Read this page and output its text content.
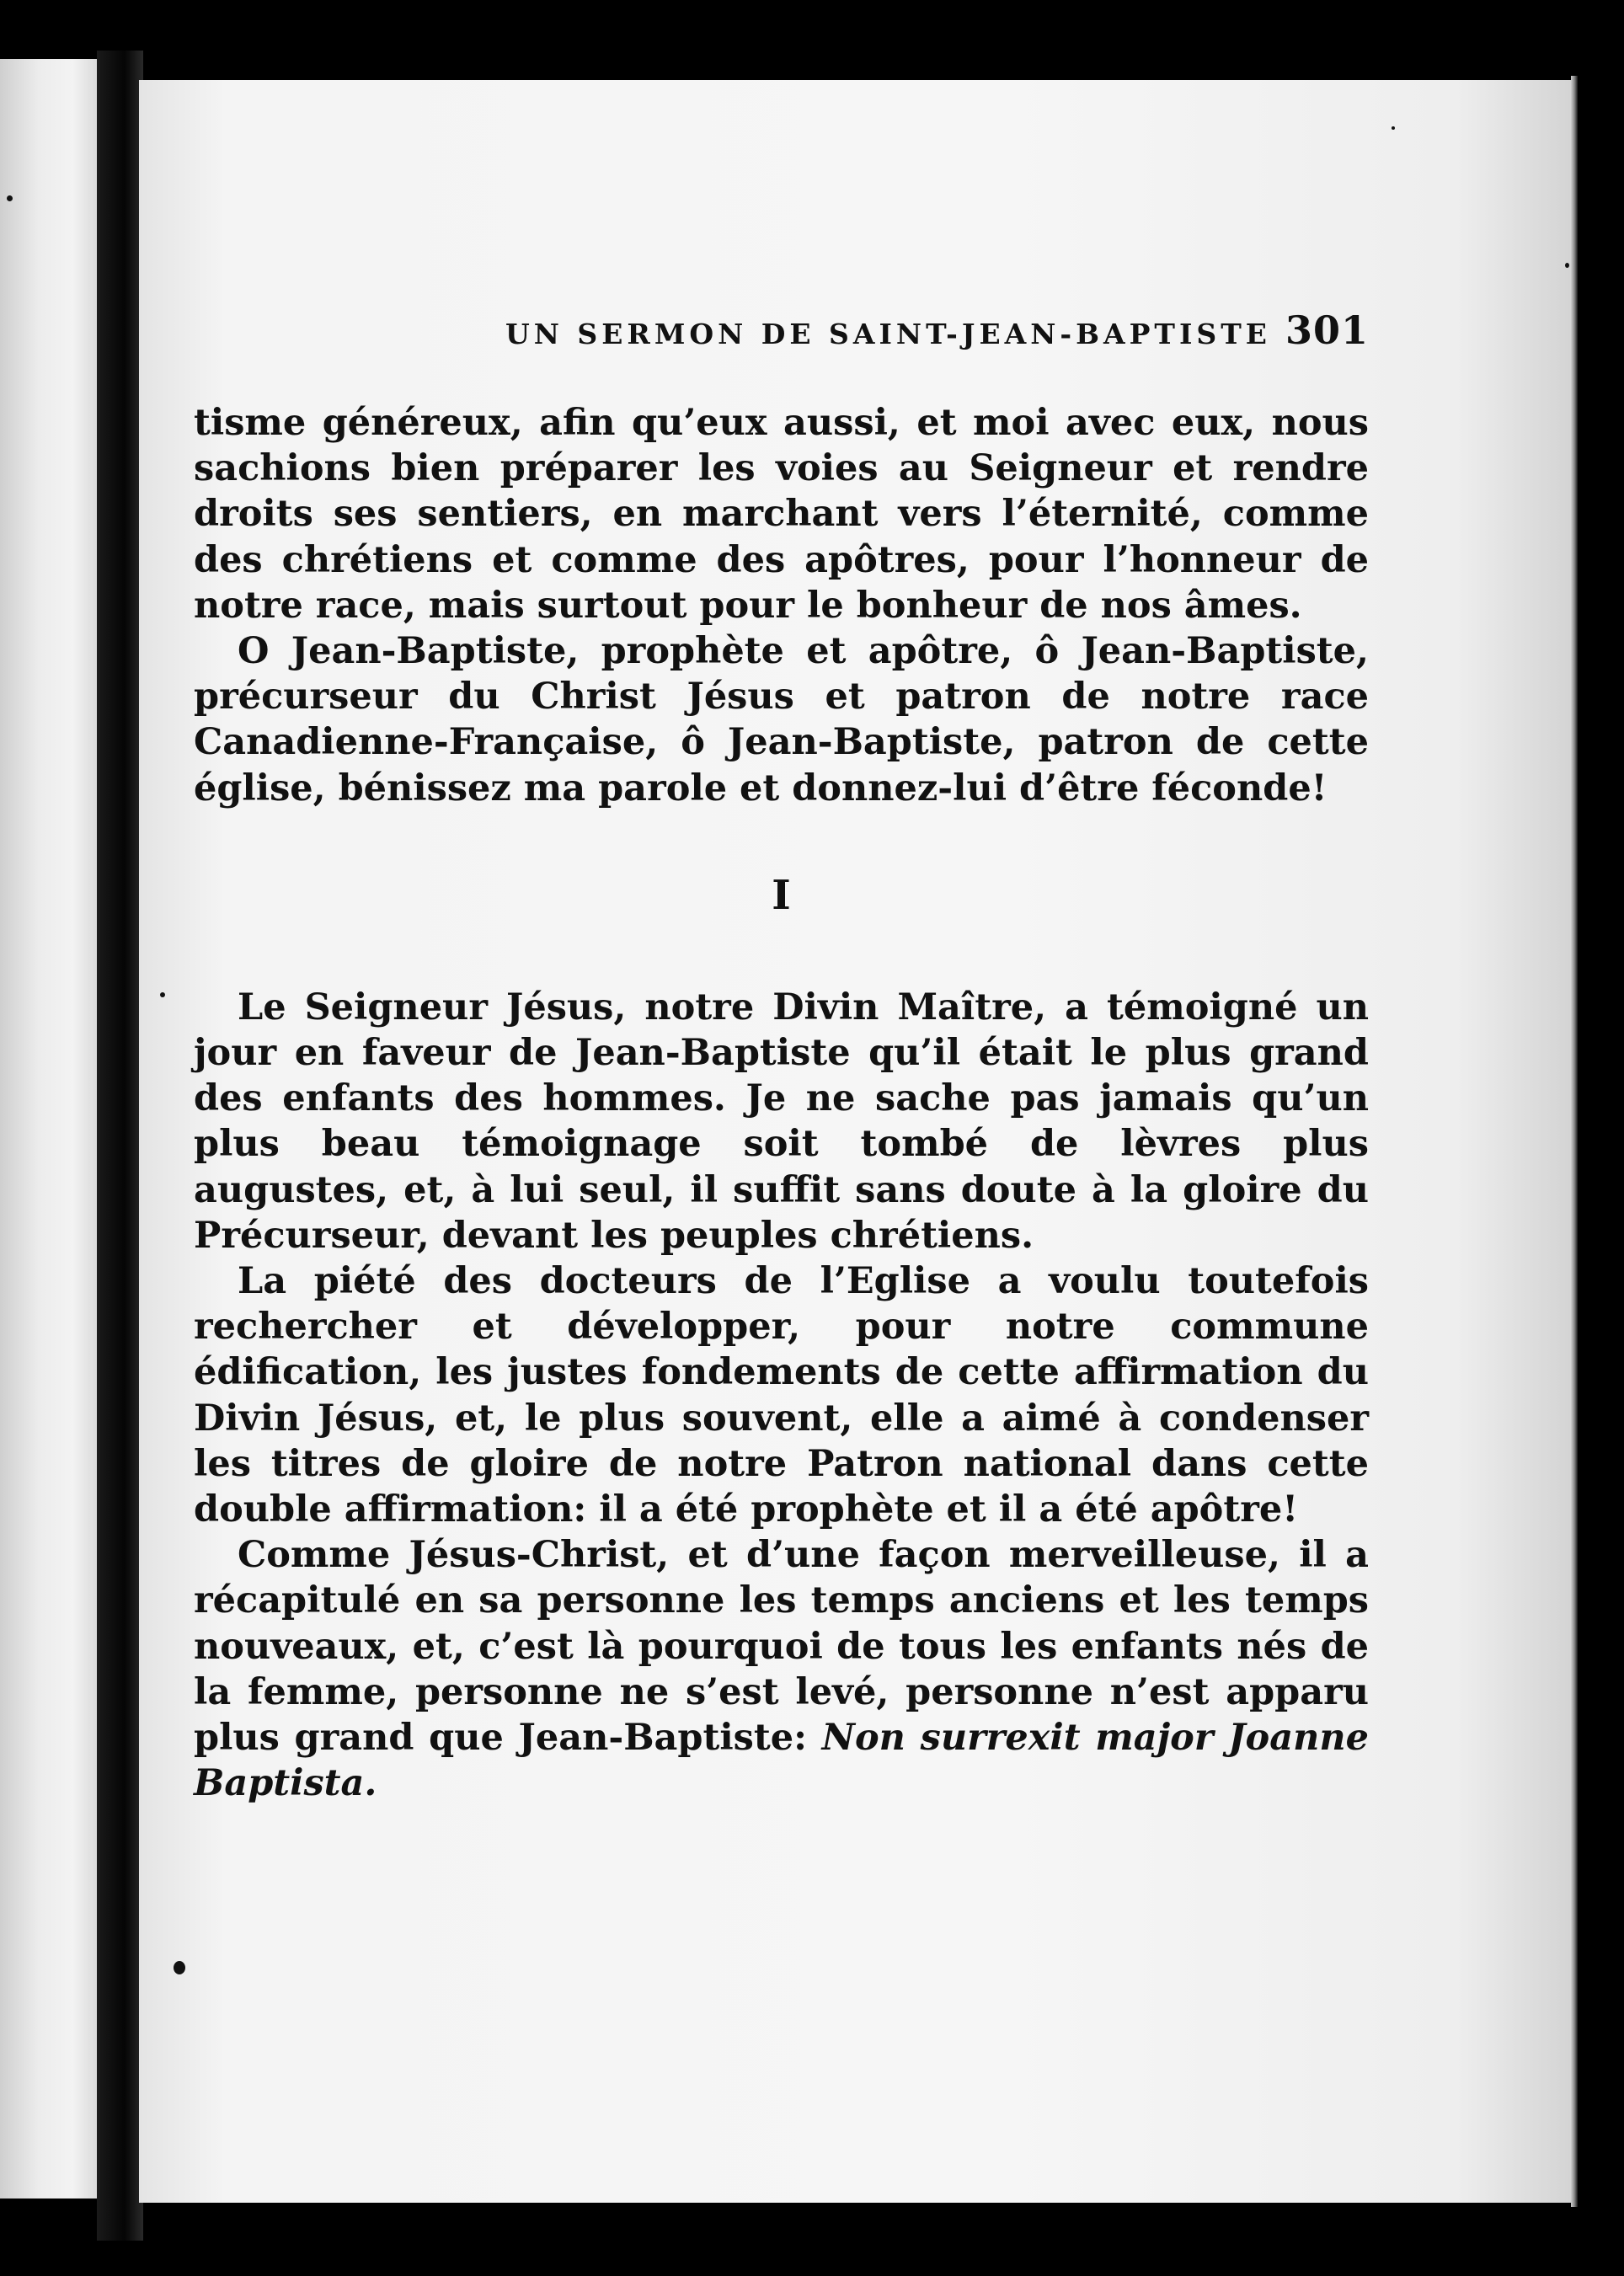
UN SERMON DE SAINT-JEAN-BAPTISTE 301

tisme généreux, afin qu’eux aussi, et moi avec eux, nous sachions bien préparer les voies au Seigneur et rendre droits ses sentiers, en marchant vers l’éternité, comme des chrétiens et comme des apôtres, pour l’honneur de notre race, mais surtout pour le bonheur de nos âmes.

O Jean-Baptiste, prophète et apôtre, ô Jean-Baptiste, précurseur du Christ Jésus et patron de notre race Canadienne-Française, ô Jean-Baptiste, patron de cette église, bénissez ma parole et donnez-lui d’être féconde!

I

Le Seigneur Jésus, notre Divin Maître, a témoigné un jour en faveur de Jean-Baptiste qu’il était le plus grand des enfants des hommes. Je ne sache pas jamais qu’un plus beau témoignage soit tombé de lèvres plus augustes, et, à lui seul, il suffit sans doute à la gloire du Précurseur, devant les peuples chrétiens.

La piété des docteurs de l’Eglise a voulu toutefois rechercher et développer, pour notre commune édification, les justes fondements de cette affirmation du Divin Jésus, et, le plus souvent, elle a aimé à condenser les titres de gloire de notre Patron national dans cette double affirmation: il a été prophète et il a été apôtre!

Comme Jésus-Christ, et d’une façon merveilleuse, il a récapitulé en sa personne les temps anciens et les temps nouveaux, et, c’est là pourquoi de tous les enfants nés de la femme, personne ne s’est levé, personne n’est apparu plus grand que Jean-Baptiste: Non surrexit major Joanne Baptista.
